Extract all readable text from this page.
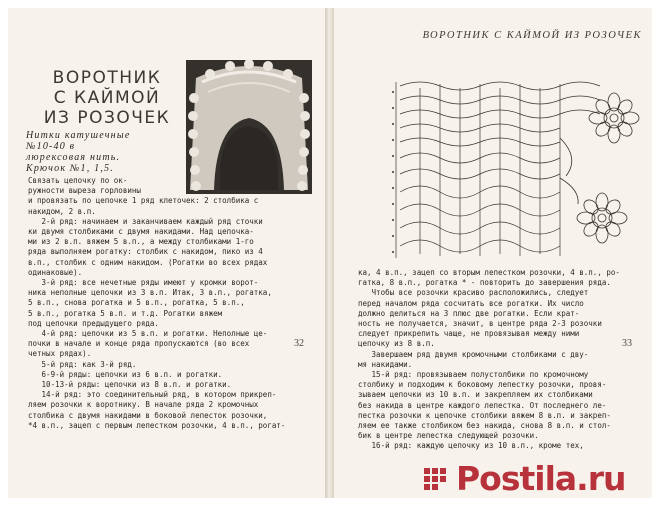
ВОРОТНИК
С КАЙМОЙ
ИЗ РОЗОЧЕК
Нитки катушечные
№10-40 в
люрексовая нить.
Крючок №1, 1,5.

Связать цепочку по ок-
ружности выреза горловины
и провязать по цепочке 1 ряд клеточек: 2 столбика с
накидом, 2 в.п.

2-й ряд: начинаем и заканчиваем каждый ряд сточки
ки двумя столбиками с двумя накидами. Над цепочка-
ми из 2 в.п. вяжем 5 в.п., а между столбиками 1-го
ряда выполняем рогатку: столбик с накидом, пико из 4
в.п., столбик с одним накидом. (Рогатки во всех рядах
одинаковые).

3-й ряд: все нечетные ряды имеют у кромки ворот-
ника неполные цепочки из 3 в.п. Итак, 3 в.п., рогатка,
5 в.п., снова рогатка и 5 в.п., рогатка, 5 в.п.,
5 в.п., рогатка 5 в.п. и т.д. Рогатки вяжем
под цепочки предыдущего ряда.

4-й ряд: цепочки из 5 в.п. и рогатки. Неполные це-
почки в начале и конце ряда пропускаются (во всех
четных рядах).

5-й ряд: как 3-й ряд.

6-9-й ряды: цепочки из 6 в.п. и рогатки.

10-13-й ряды: цепочки из 8 в.п. и рогатки.

14-й ряд: это соединительный ряд, в котором прикреп-
ляем розочки к воротнику. В начале ряда 2 кромочных
столбика с двумя накидами в боковой лепесток розочки,
*4 в.п., зацеп с первым лепестком розочки, 4 в.п., рогат-

32
ВОРОТНИК С КАЙМОЙ ИЗ РОЗОЧЕК

ка, 4 в.п., зацеп со вторым лепестком розочки, 4 в.п., ро-
гатка, 8 в.п., рогатка * - повторить до завершения ряда.

Чтобы все розочки красиво расположились, следует
перед началом ряда сосчитать все рогатки. Их число
должно делиться на 3 плюс две рогатки. Если крат-
ность не получается, значит, в центре ряда 2-3 розочки
следует прикрепить чаще, не провязывая между ними
цепочку из 8 в.п.

Завершаем ряд двумя кромочными столбиками с дву-
мя накидами.

15-й ряд: провязываем полустолбики по кромочному
столбику и подходим к боковому лепестку розочки, провя-
зываем цепочки из 10 в.п. и закрепляем их столбиками
без накида в центре каждого лепестка. От последнего ле-
пестка розочки к цепочке столбики вяжем 8 в.п. и закреп-
ляем ее также столбиком без накида, снова 8 в.п. и стол-
бик в центре лепестка следующей розочки.

16-й ряд: каждую цепочку из 10 в.п., кроме тех,

33
Postila.ru
